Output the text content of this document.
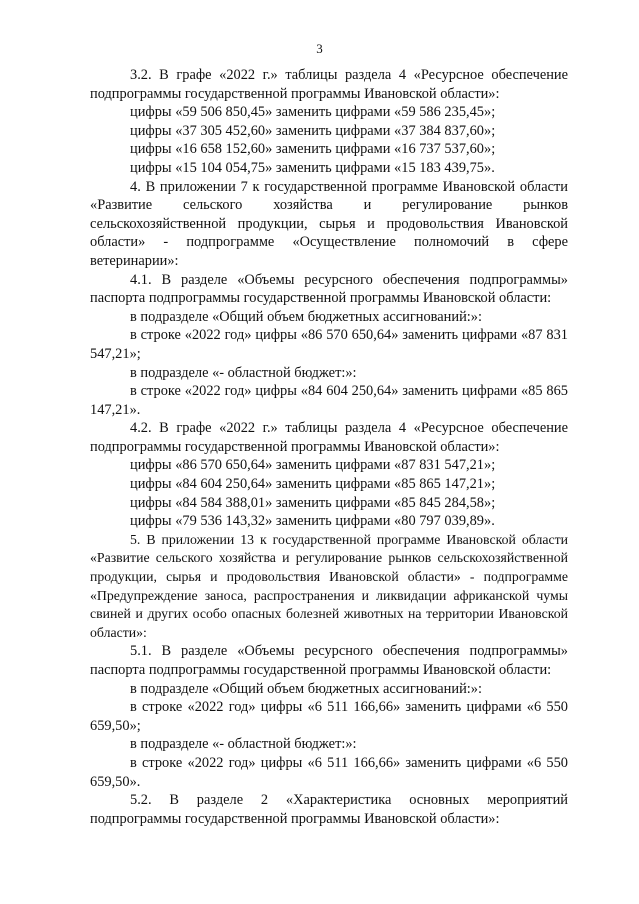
3

3.2. В графе «2022 г.» таблицы раздела 4 «Ресурсное обеспечение подпрограммы государственной программы Ивановской области»:

цифры «59 506 850,45» заменить цифрами «59 586 235,45»;

цифры «37 305 452,60» заменить цифрами «37 384 837,60»;

цифры «16 658 152,60» заменить цифрами «16 737 537,60»;

цифры «15 104 054,75» заменить цифрами «15 183 439,75».

4. В приложении 7 к государственной программе Ивановской области «Развитие сельского хозяйства и регулирование рынков сельскохозяйственной продукции, сырья и продовольствия Ивановской области» - подпрограмме «Осуществление полномочий в сфере ветеринарии»:

4.1. В разделе «Объемы ресурсного обеспечения подпрограммы» паспорта подпрограммы государственной программы Ивановской области:

в подразделе «Общий объем бюджетных ассигнований:»:

в строке «2022 год» цифры «86 570 650,64» заменить цифрами «87 831 547,21»;

в подразделе «- областной бюджет:»:

в строке «2022 год» цифры «84 604 250,64» заменить цифрами «85 865 147,21».

4.2. В графе «2022 г.» таблицы раздела 4 «Ресурсное обеспечение подпрограммы государственной программы Ивановской области»:

цифры «86 570 650,64» заменить цифрами «87 831 547,21»;

цифры «84 604 250,64» заменить цифрами «85 865 147,21»;

цифры «84 584 388,01» заменить цифрами «85 845 284,58»;

цифры «79 536 143,32» заменить цифрами «80 797 039,89».

5. В приложении 13 к государственной программе Ивановской области «Развитие сельского хозяйства и регулирование рынков сельскохозяйственной продукции, сырья и продовольствия Ивановской области» - подпрограмме «Предупреждение заноса, распространения и ликвидации африканской чумы свиней и других особо опасных болезней животных на территории Ивановской области»:

5.1. В разделе «Объемы ресурсного обеспечения подпрограммы» паспорта подпрограммы государственной программы Ивановской области:

в подразделе «Общий объем бюджетных ассигнований:»:

в строке «2022 год» цифры «6 511 166,66» заменить цифрами «6 550 659,50»;

в подразделе «- областной бюджет:»:

в строке «2022 год» цифры «6 511 166,66» заменить цифрами «6 550 659,50».

5.2. В разделе 2 «Характеристика основных мероприятий подпрограммы государственной программы Ивановской области»:
